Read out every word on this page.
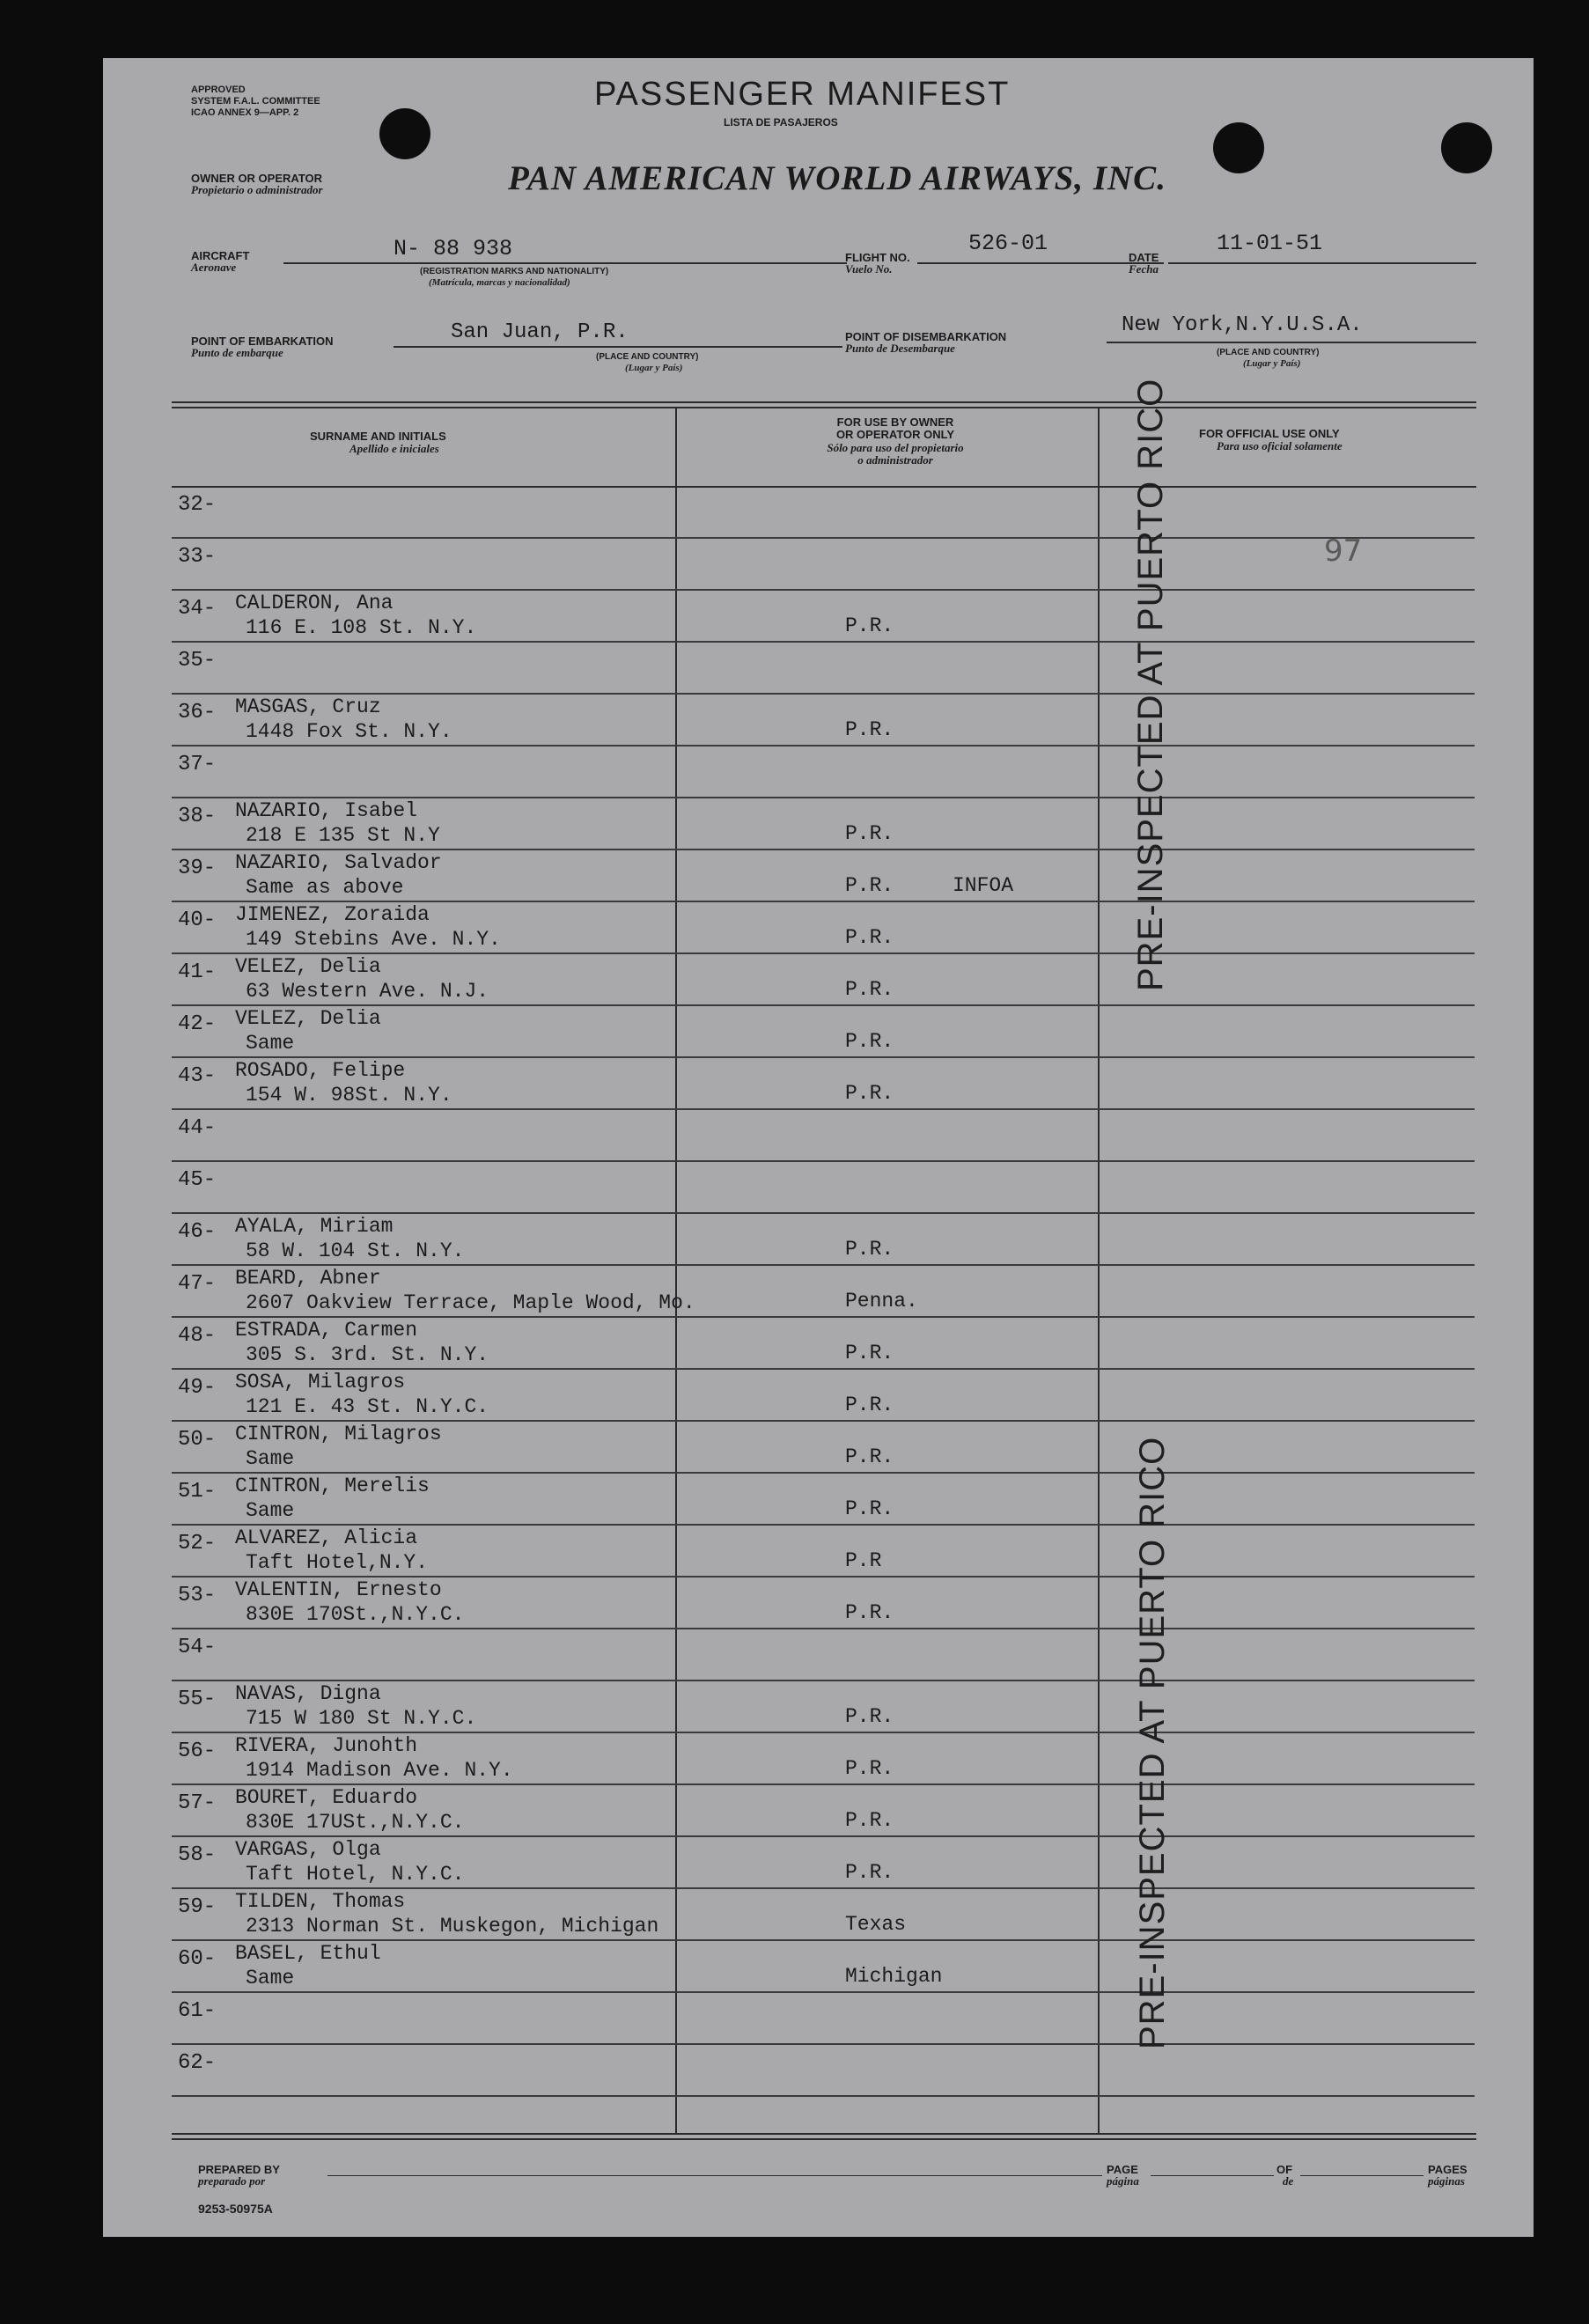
APPROVED
SYSTEM F.A.L. COMMITTEE
ICAO ANNEX 9—APP. 2	PASSENGER MANIFEST
LISTA DE PASAJEROS
OWNER OR OPERATOR
Propietario o administrador	PAN AMERICAN WORLD AIRWAYS, INC.
AIRCRAFT
Aeronave
N- 88 938
(REGISTRATION MARKS AND NATIONALITY)
(Matrícula, marcas y nacionalidad)
FLIGHT NO.
Vuelo No.
526-01
DATE
Fecha
11-01-51
POINT OF EMBARKATION
Punto de embarque
San Juan, P.R.
(PLACE AND COUNTRY)
(Lugar y País)
POINT OF DISEMBARKATION
Punto de Desembarque
New York,N.Y.U.S.A.
(PLACE AND COUNTRY)
(Lugar y País)
SURNAME AND INITIALS
Apellido e iniciales
FOR USE BY OWNER
OR OPERATOR ONLY
Sólo para uso del propietario
o administrador
FOR OFFICIAL USE ONLY
Para uso oficial solamente
32-
33-
34- CALDERON, Ana
116 E. 108 St. N.Y.	P.R.
35-
36- MASGAS, Cruz
1448 Fox St. N.Y.	P.R.
37-
38- NAZARIO, Isabel
218 E 135 St N.Y	P.R.
39- NAZARIO, Salvador
Same as above	P.R.	INFOA
40- JIMENEZ, Zoraida
149 Stebins Ave. N.Y.	P.R.
41- VELEZ, Delia
63 Western Ave. N.J.	P.R.
42- VELEZ, Delia
Same	P.R.
43- ROSADO, Felipe
154 W. 98St. N.Y.	P.R.
44-
45-
46- AYALA, Miriam
58 W. 104 St. N.Y.	P.R.
47- BEARD, Abner
2607 Oakview Terrace, Maple Wood, Mo.	Penna.
48- ESTRADA, Carmen
305 S. 3rd. St. N.Y.	P.R.
49- SOSA, Milagros
121 E. 43 St. N.Y.C.	P.R.
50- CINTRON, Milagros
Same	P.R.
51- CINTRON, Merelis
Same	P.R.
52- ALVAREZ, Alicia
Taft Hotel,N.Y.	P.R
53- VALENTIN, Ernesto
830E 170St.,N.Y.C.	P.R.
54-
55- NAVAS, Digna
715 W 180 St N.Y.C.	P.R.
56- RIVERA, Junohth
1914 Madison Ave. N.Y.	P.R.
57- BOURET, Eduardo
830E 17USt.,N.Y.C.	P.R.
58- VARGAS, Olga
Taft Hotel, N.Y.C.	P.R.
59- TILDEN, Thomas
2313 Norman St. Muskegon, Michigan	Texas
60- BASEL, Ethul
Same	Michigan
61-
62-
97
PRE-INSPECTED AT PUERTO RICO
PRE-INSPECTED AT PUERTO RICO
PREPARED BY
preparado por
PAGE
página
OF
de
PAGES
páginas
9253-50975A
